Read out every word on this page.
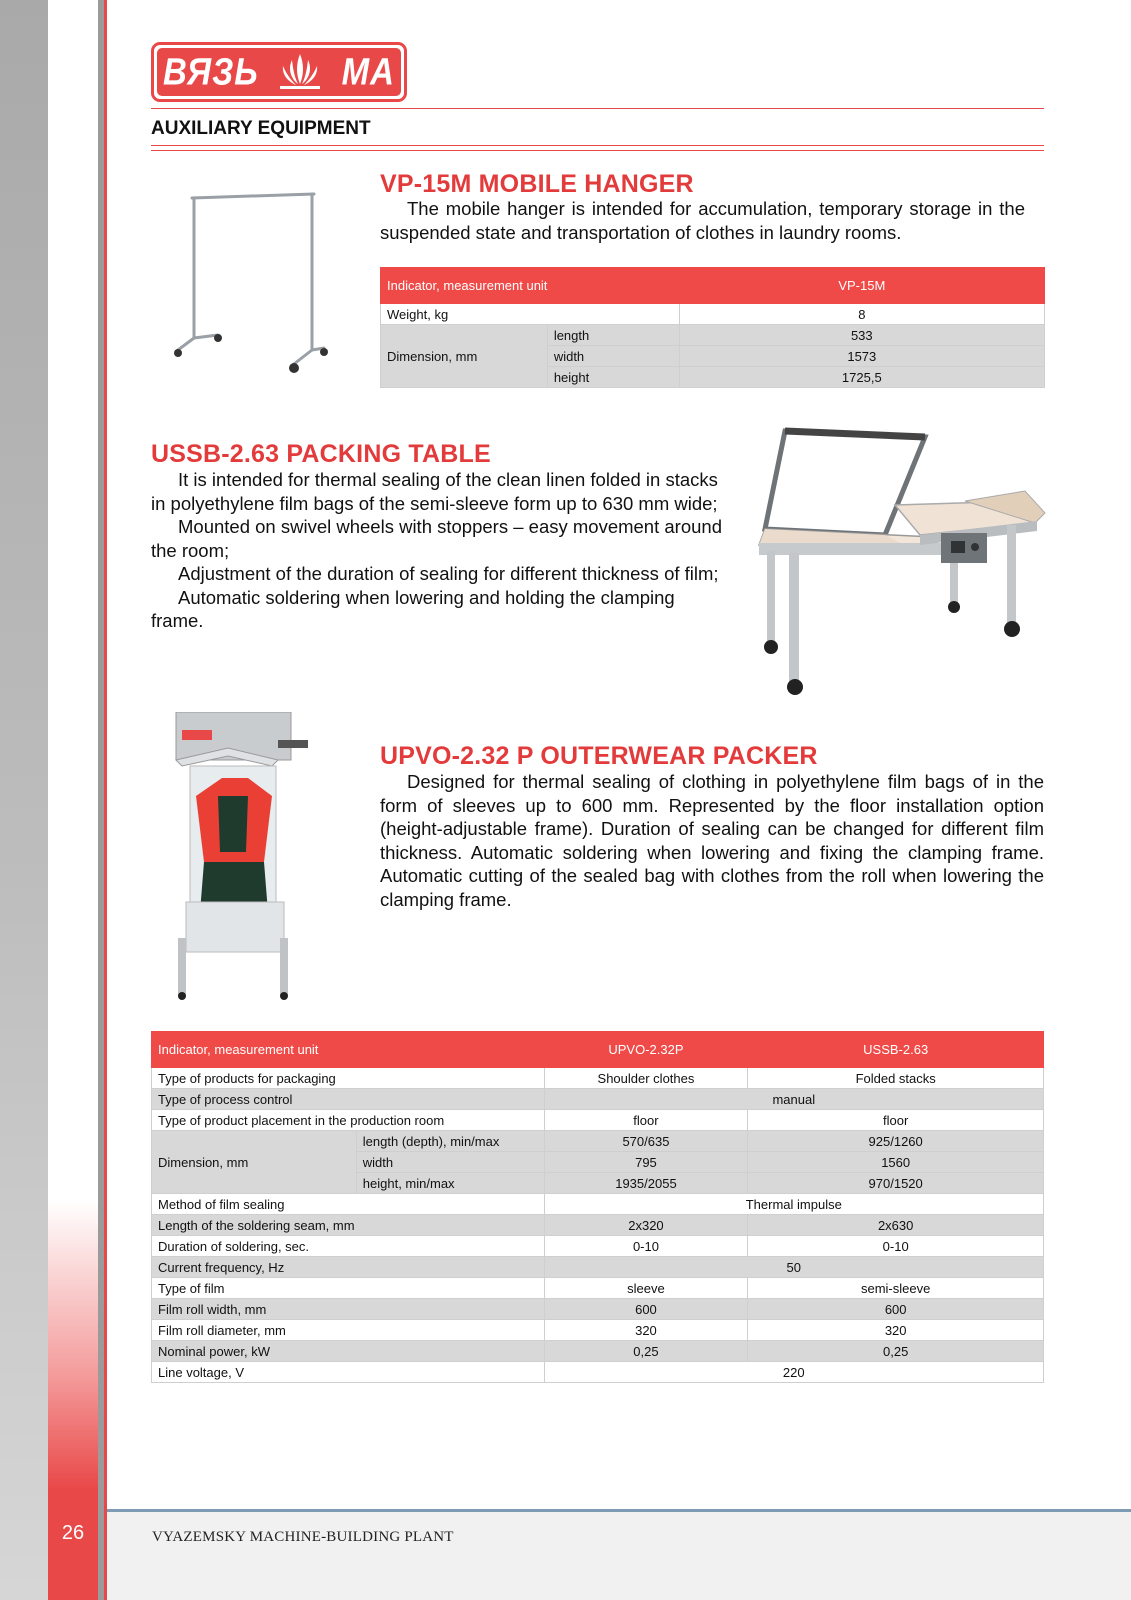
26	VYAZEMSKY MACHINE-BUILDING PLANT
ВЯЗЬ	МА
AUXILIARY EQUIPMENT
VP-15M MOBILE HANGER

The mobile hanger is intended for accumulation, temporary storage in the suspended state and transportation of clothes in laundry rooms.

Indicator, measurement unit		VP-15M
Weight, kg		8
Dimension, mm	length	533
	width	1573
	height	1725,5
USSB-2.63 PACKING TABLE

It is intended for thermal sealing of the clean linen folded in stacks in polyethylene film bags of the semi-sleeve form up to 630 mm wide;

Mounted on swivel wheels with stoppers – easy movement around the room;

Adjustment of the duration of sealing for different thickness of film;

Automatic soldering when lowering and holding the clamping frame.

UPVO-2.32 P OUTERWEAR PACKER

Designed for thermal sealing of clothing in polyethylene film bags of in the form of sleeves up to 600 mm. Represented by the floor installation option (height-adjustable frame). Duration of sealing can be changed for different film thickness. Automatic soldering when lowering and fixing the clamping frame. Automatic cutting of the sealed bag with clothes from the roll when lowering the clamping frame.

Indicator, measurement unit		UPVO-2.32P	USSB-2.63
Type of products for packaging		Shoulder clothes	Folded stacks
Type of process control		manual	
Type of product placement in the production room		floor	floor
Dimension, mm	length (depth), min/max	570/635	925/1260
	width	795	1560
	height, min/max	1935/2055	970/1520
Method of film sealing		Thermal impulse	
Length of the soldering seam, mm		2x320	2x630
Duration of soldering, sec.		0-10	0-10
Current frequency, Hz		50	
Type of film		sleeve	semi-sleeve
Film roll width, mm		600	600
Film roll diameter, mm		320	320
Nominal power, kW		0,25	0,25
Line voltage, V		220	
